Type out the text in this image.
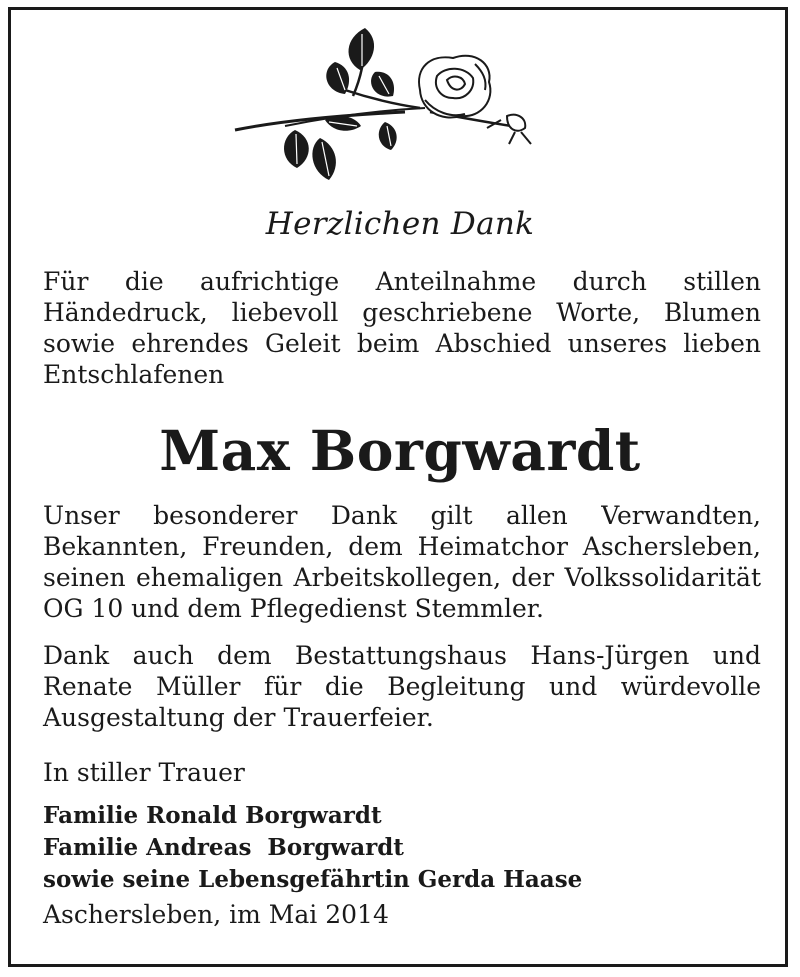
Herzlichen Dank
Für die aufrichtige Anteilnahme durch stillen Händedruck, liebevoll geschriebene Worte, Blumen sowie ehrendes Geleit beim Abschied unseres lieben Entschlafenen
Max Borgwardt
Unser besonderer Dank gilt allen Verwandten, Bekannten, Freunden, dem Heimatchor Aschersleben, seinen ehemaligen Arbeitskollegen, der Volkssolidarität OG 10 und dem Pflegedienst Stemmler.
Dank auch dem Bestattungshaus Hans-Jürgen und Renate Müller für die Begleitung und würdevolle Ausgestaltung der Trauerfeier.
In stiller Trauer
Familie Ronald Borgwardt
Familie Andreas  Borgwardt
sowie seine Lebensgefährtin Gerda Haase
Aschersleben, im Mai 2014
